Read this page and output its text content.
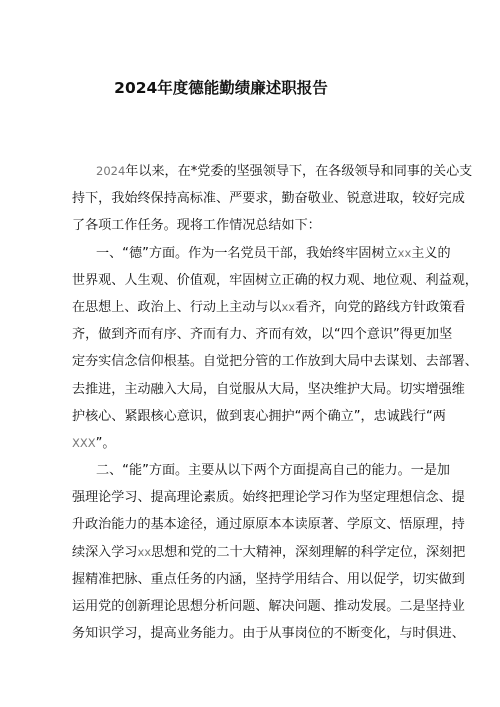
2024年度德能勤绩廉述职报告
2024年以来，在*党委的坚强领导下，在各级领导和同事的关心支
持下，我始终保持高标准、严要求，勤奋敬业、锐意进取，较好完成
了各项工作任务。现将工作情况总结如下：
一、“德”方面。作为一名党员干部，我始终牢固树立xx主义的
世界观、人生观、价值观，牢固树立正确的权力观、地位观、利益观，
在思想上、政治上、行动上主动与以xx看齐，向党的路线方针政策看
齐，做到齐而有序、齐而有力、齐而有效，以“四个意识”得更加坚
定夯实信念信仰根基。自觉把分管的工作放到大局中去谋划、去部署、
去推进，主动融入大局，自觉服从大局，坚决维护大局。切实增强维
护核心、紧跟核心意识，做到衷心拥护“两个确立”，忠诚践行“两
XXX”。
二、“能”方面。主要从以下两个方面提高自己的能力。一是加
强理论学习、提高理论素质。始终把理论学习作为坚定理想信念、提
升政治能力的基本途径，通过原原本本读原著、学原文、悟原理，持
续深入学习xx思想和党的二十大精神，深刻理解的科学定位，深刻把
握精准把脉、重点任务的内涵，坚持学用结合、用以促学，切实做到
运用党的创新理论思想分析问题、解决问题、推动发展。二是坚持业
务知识学习，提高业务能力。由于从事岗位的不断变化，与时俱进、
